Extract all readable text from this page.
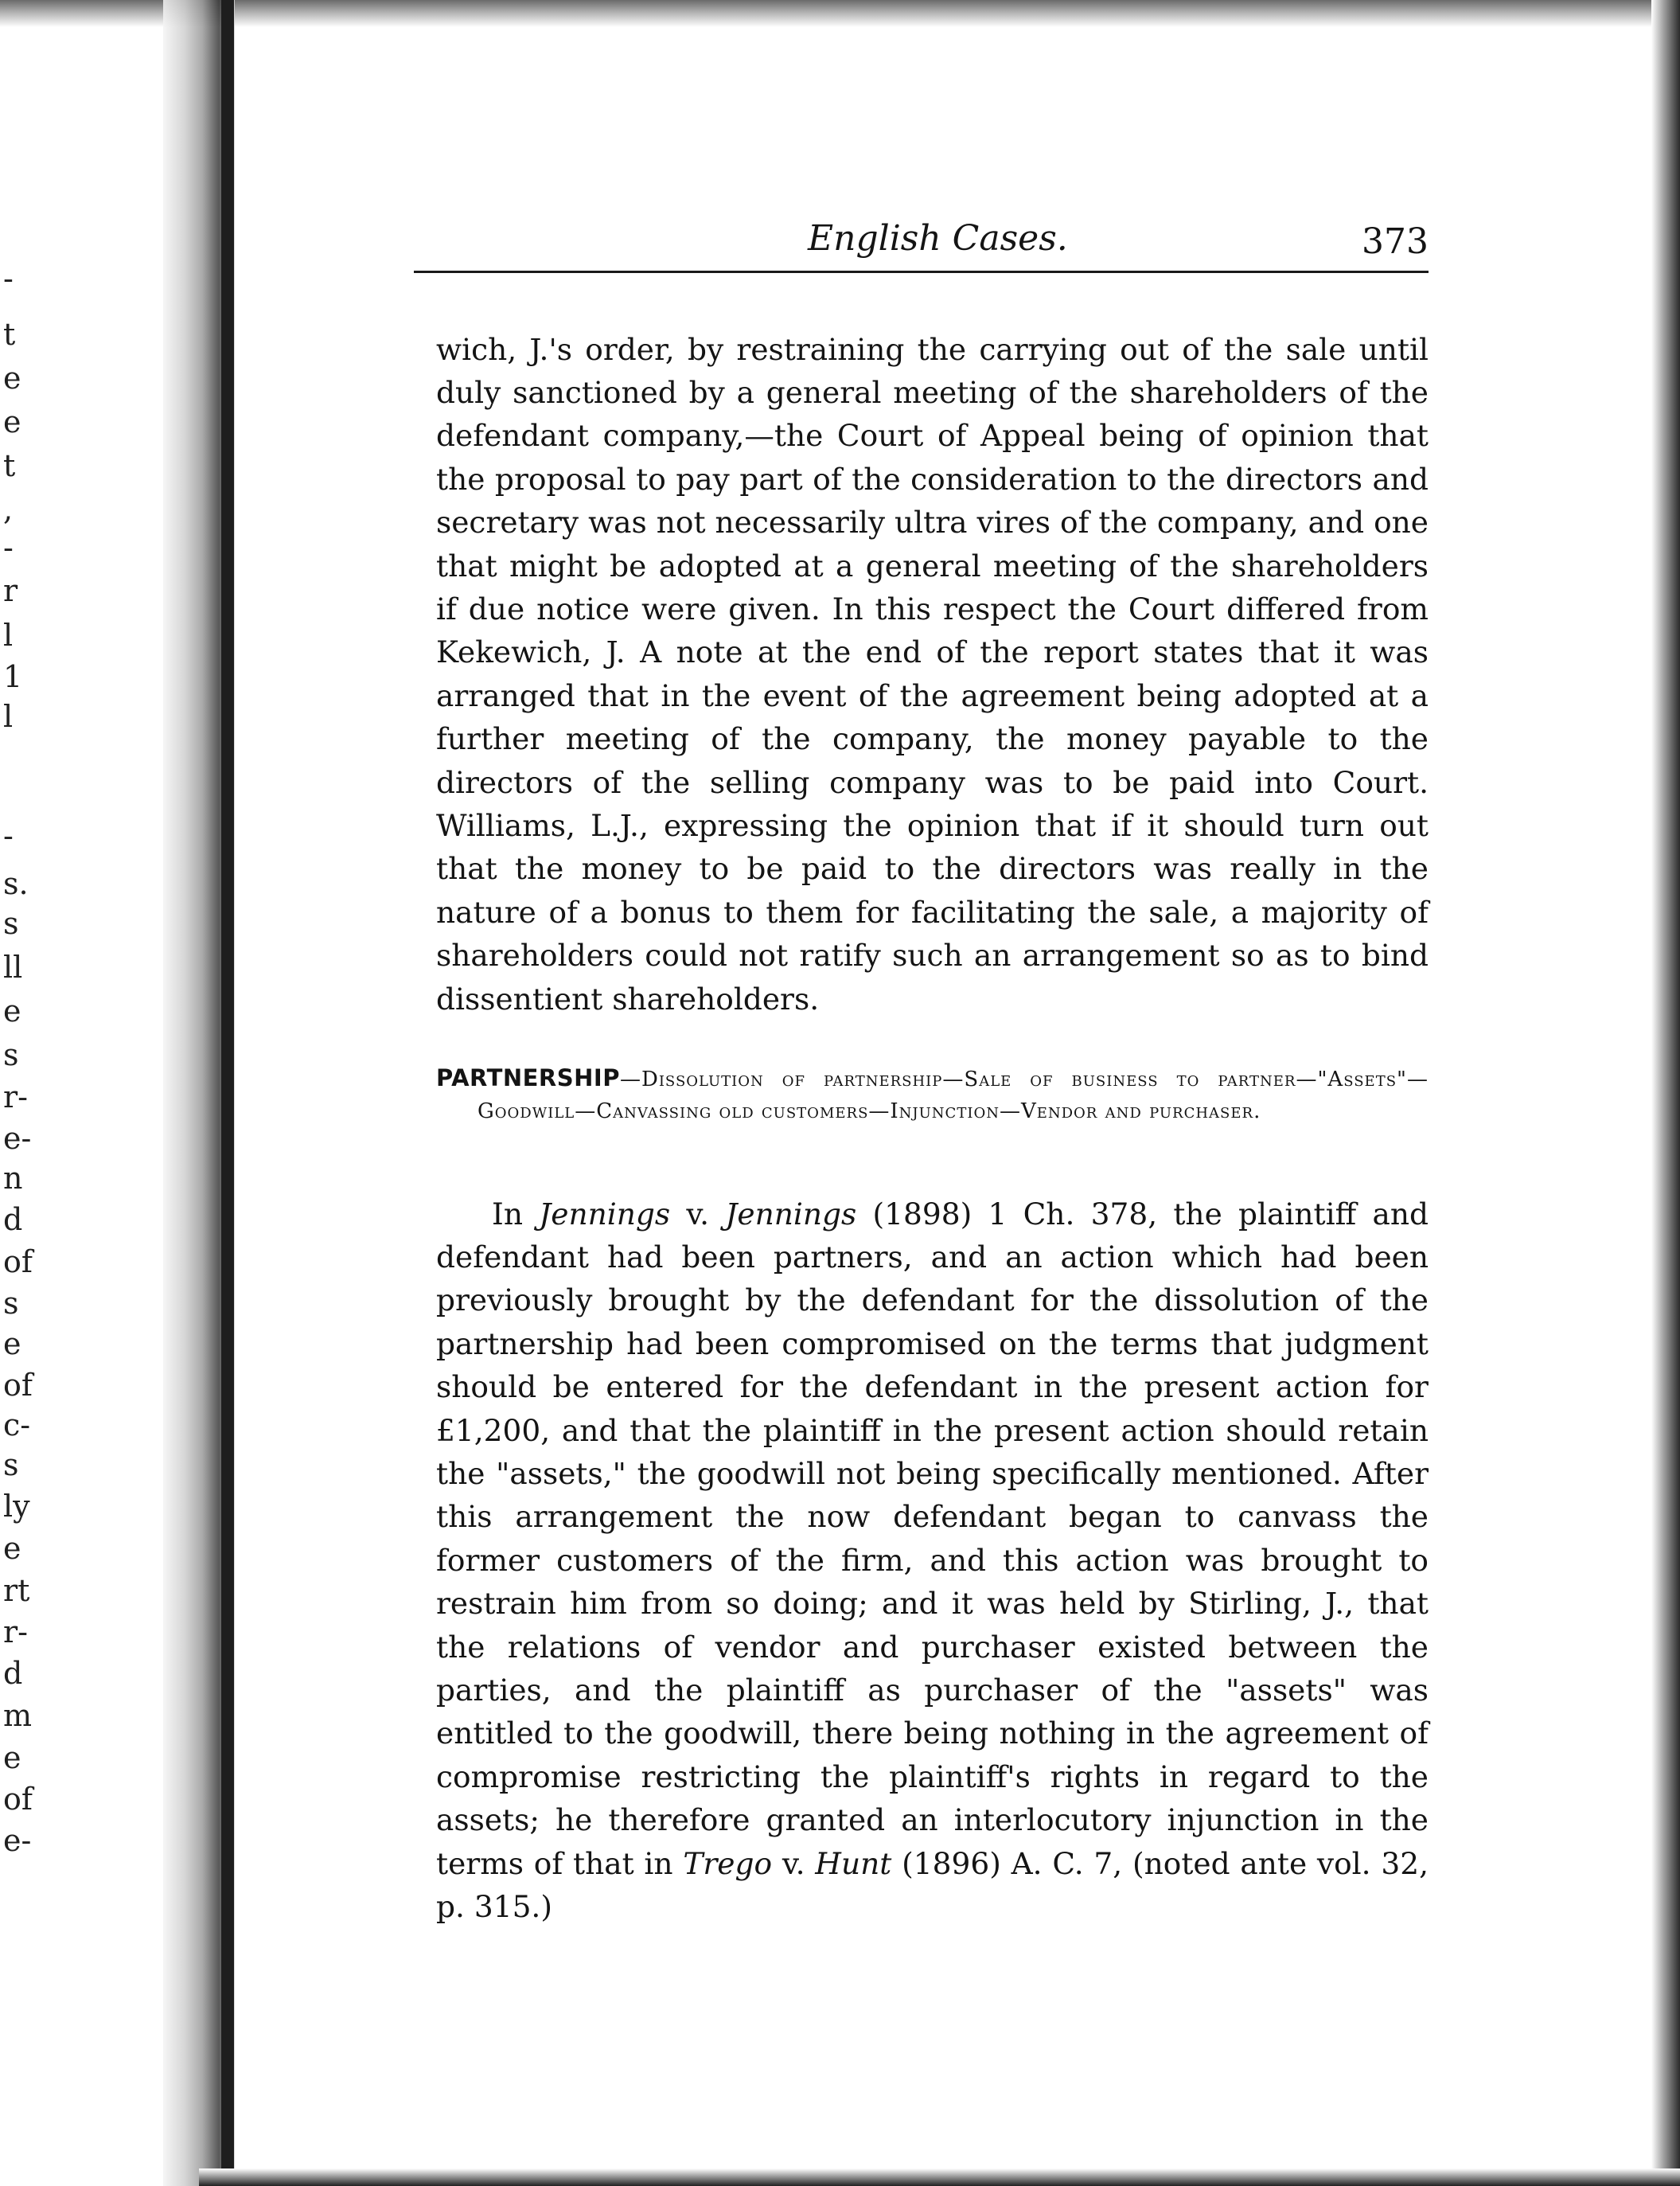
-
t
e
e
t
,
-
r
l
1
l
-
s.
s
ll
e
s
r-
e-
n
d
of
s
e
of
c-
s
ly
e
rt
r-
d
m
e
of
e-
English Cases.	373

wich, J.'s order, by restraining the carrying out of the sale until duly sanctioned by a general meeting of the shareholders of the defendant company,—the Court of Appeal being of opinion that the proposal to pay part of the consideration to the directors and secretary was not necessarily ultra vires of the company, and one that might be adopted at a general meeting of the shareholders if due notice were given. In this respect the Court differed from Kekewich, J. A note at the end of the report states that it was arranged that in the event of the agreement being adopted at a further meeting of the company, the money payable to the directors of the selling company was to be paid into Court. Williams, L.J., expressing the opinion that if it should turn out that the money to be paid to the directors was really in the nature of a bonus to them for facilitating the sale, a majority of shareholders could not ratify such an arrangement so as to bind dissentient shareholders.

PARTNERSHIP—Dissolution of partnership—Sale of business to partner—"Assets"—Goodwill—Canvassing old customers—Injunction—Vendor and purchaser.

In Jennings v. Jennings (1898) 1 Ch. 378, the plaintiff and defendant had been partners, and an action which had been previously brought by the defendant for the dissolution of the partnership had been compromised on the terms that judgment should be entered for the defendant in the present action for £1,200, and that the plaintiff in the present action should retain the "assets," the goodwill not being specifically mentioned. After this arrangement the now defendant began to canvass the former customers of the firm, and this action was brought to restrain him from so doing; and it was held by Stirling, J., that the relations of vendor and purchaser existed between the parties, and the plaintiff as purchaser of the "assets" was entitled to the goodwill, there being nothing in the agreement of compromise restricting the plaintiff's rights in regard to the assets; he therefore granted an interlocutory injunction in the terms of that in Trego v. Hunt (1896) A. C. 7, (noted ante vol. 32, p. 315.)
